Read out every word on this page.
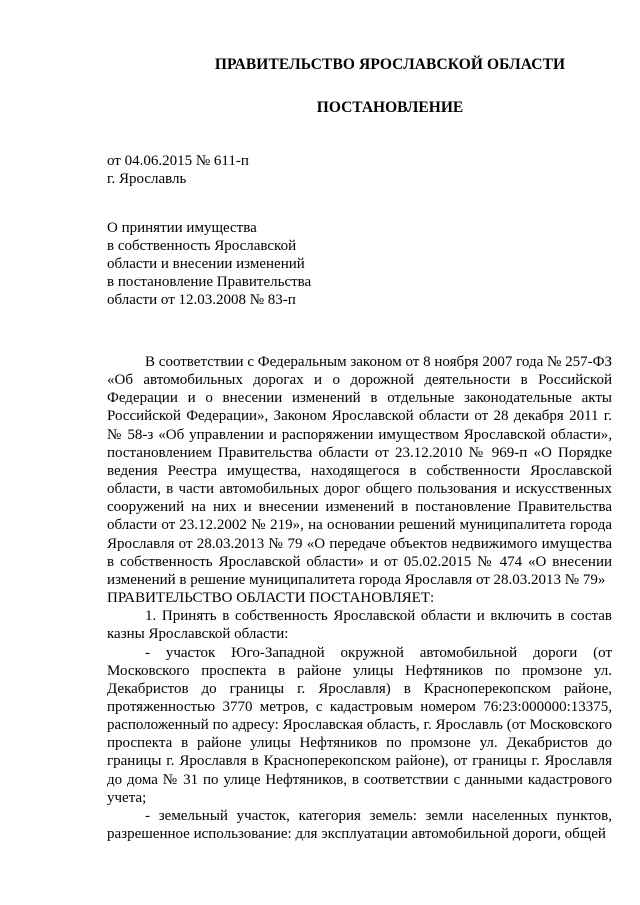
ПРАВИТЕЛЬСТВО ЯРОСЛАВСКОЙ ОБЛАСТИ
ПОСТАНОВЛЕНИЕ
от 04.06.2015 № 611-п
г. Ярославль
О принятии имущества
в собственность Ярославской
области и внесении изменений
в постановление Правительства
области от 12.03.2008 № 83-п

В соответствии с Федеральным законом от 8 ноября 2007 года № 257-ФЗ «Об автомобильных дорогах и о дорожной деятельности в Российской Федерации и о внесении изменений в отдельные законодательные акты Российской Федерации», Законом Ярославской области от 28 декабря 2011 г. № 58-з «Об управлении и распоряжении имуществом Ярославской области», постановлением Правительства области от 23.12.2010 № 969-п «О Порядке ведения Реестра имущества, находящегося в собственности Ярославской области, в части автомобильных дорог общего пользования и искусственных сооружений на них и внесении изменений в постановление Правительства области от 23.12.2002 № 219», на основании решений муниципалитета города Ярославля от 28.03.2013 № 79 «О передаче объектов недвижимого имущества в собственность Ярославской области» и от 05.02.2015 № 474 «О внесении изменений в решение муниципалитета города Ярославля от 28.03.2013 № 79»

ПРАВИТЕЛЬСТВО ОБЛАСТИ ПОСТАНОВЛЯЕТ:

1. Принять в собственность Ярославской области и включить в состав казны Ярославской области:

- участок Юго-Западной окружной автомобильной дороги (от Московского проспекта в районе улицы Нефтяников по промзоне ул. Декабристов до границы г. Ярославля) в Красноперекопском районе, протяженностью 3770 метров, с кадастровым номером 76:23:000000:13375, расположенный по адресу: Ярославская область, г. Ярославль (от Московского проспекта в районе улицы Нефтяников по промзоне ул. Декабристов до границы г. Ярославля в Красноперекопском районе), от границы г. Ярославля до дома № 31 по улице Нефтяников, в соответствии с данными кадастрового учета;

- земельный участок, категория земель: земли населенных пунктов, разрешенное использование: для эксплуатации автомобильной дороги, общей
